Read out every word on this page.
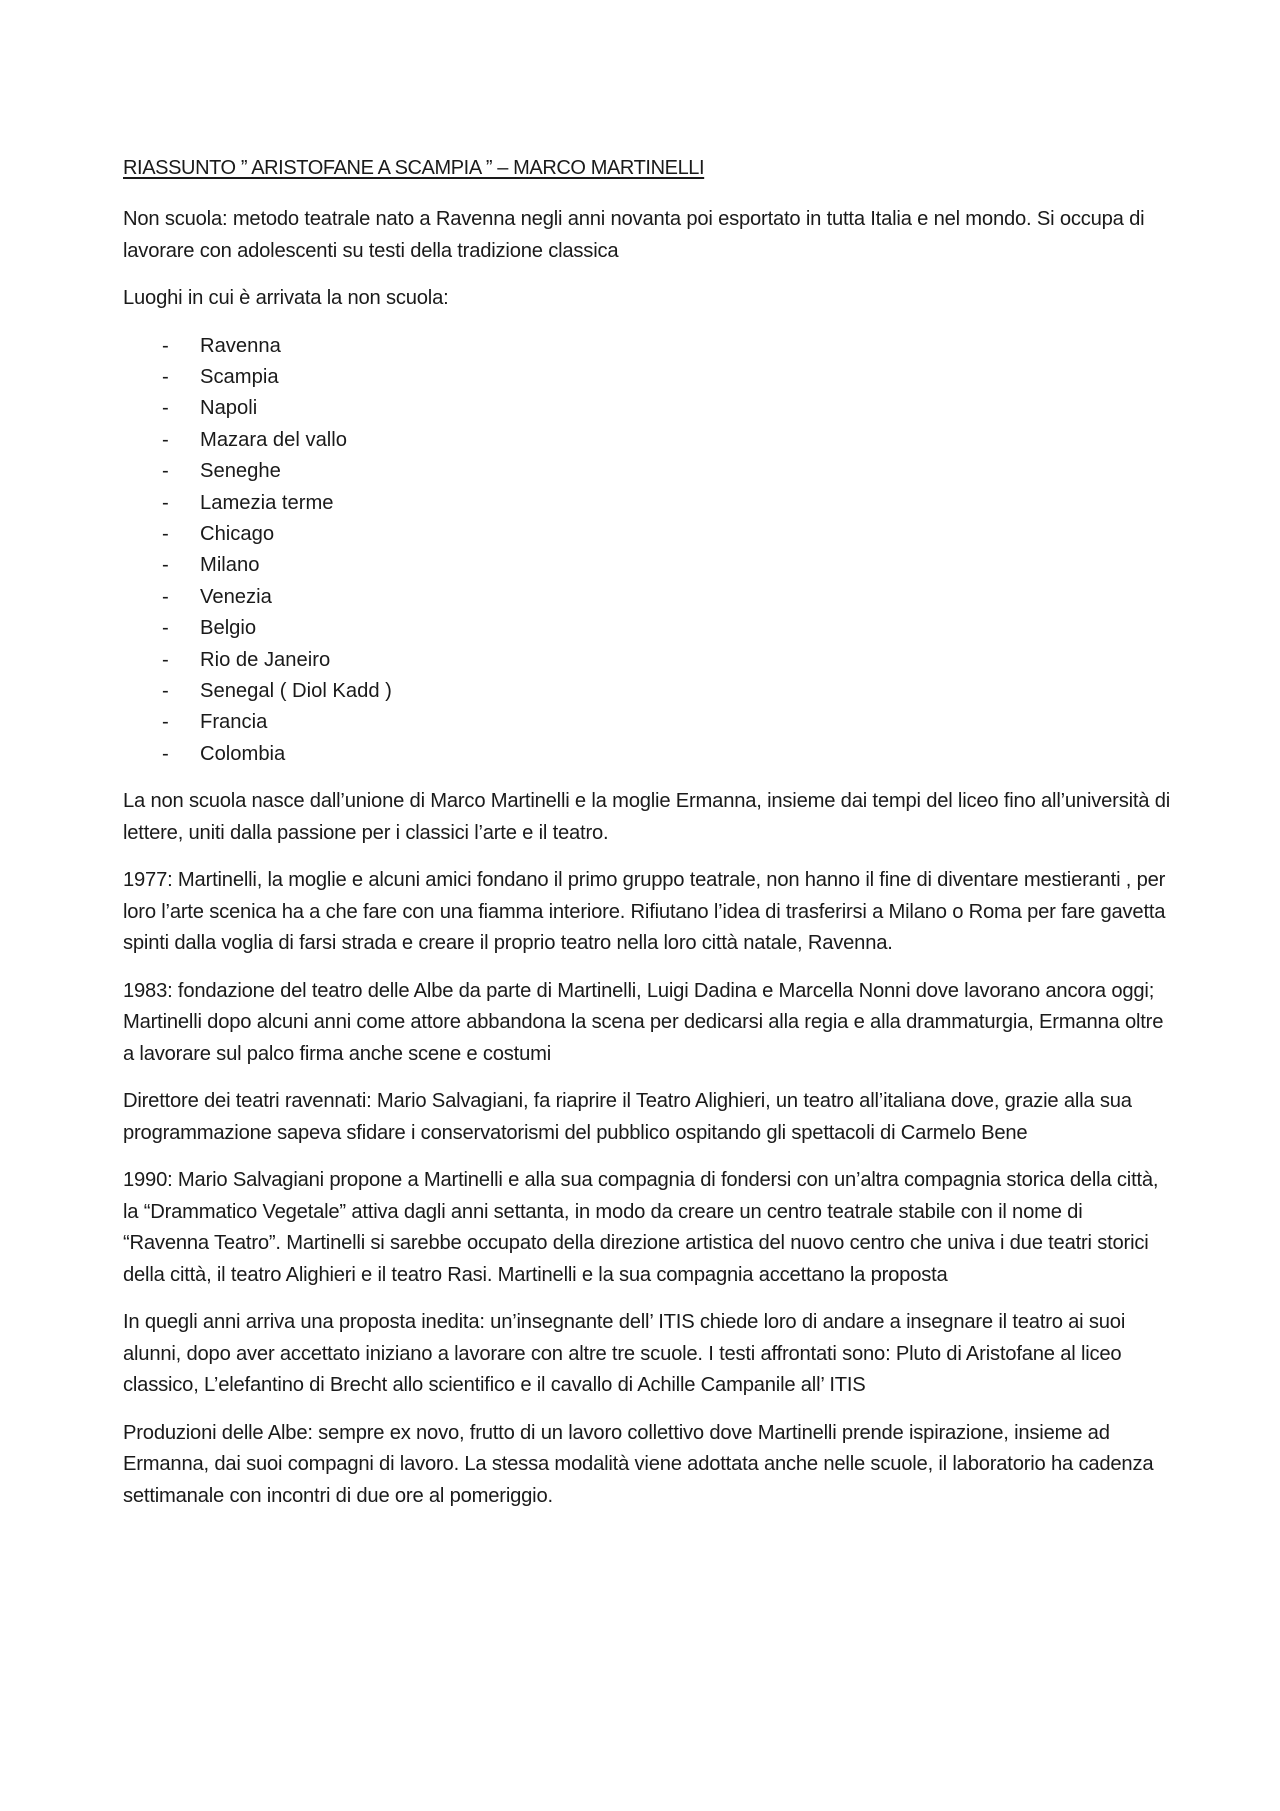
RIASSUNTO ” ARISTOFANE A SCAMPIA ” – MARCO MARTINELLI

Non scuola: metodo teatrale nato a Ravenna negli anni novanta poi esportato in tutta Italia e nel mondo. Si occupa di lavorare con adolescenti su testi della tradizione classica

Luoghi in cui è arrivata la non scuola:

- Ravenna
- Scampia
- Napoli
- Mazara del vallo
- Seneghe
- Lamezia terme
- Chicago
- Milano
- Venezia
- Belgio
- Rio de Janeiro
- Senegal ( Diol Kadd )
- Francia
- Colombia

La non scuola nasce dall’unione di Marco Martinelli e la moglie Ermanna, insieme dai tempi del liceo fino all’università di lettere, uniti dalla passione per i classici l’arte e il teatro.

1977: Martinelli, la moglie e alcuni amici fondano il primo gruppo teatrale, non hanno il fine di diventare mestieranti , per loro l’arte scenica ha a che fare con una fiamma interiore. Rifiutano l’idea di trasferirsi a Milano o Roma per fare gavetta spinti dalla voglia di farsi strada e creare il proprio teatro nella loro città natale, Ravenna.

1983: fondazione del teatro delle Albe da parte di Martinelli, Luigi Dadina e Marcella Nonni dove lavorano ancora oggi; Martinelli dopo alcuni anni come attore abbandona la scena per dedicarsi alla regia e alla drammaturgia, Ermanna oltre a lavorare sul palco firma anche scene e costumi

Direttore dei teatri ravennati: Mario Salvagiani, fa riaprire il Teatro Alighieri, un teatro all’italiana dove, grazie alla sua programmazione sapeva sfidare i conservatorismi del pubblico ospitando gli spettacoli di Carmelo Bene

1990: Mario Salvagiani propone a Martinelli e alla sua compagnia di fondersi con un’altra compagnia storica della città, la “Drammatico Vegetale” attiva dagli anni settanta, in modo da creare un centro teatrale stabile con il nome di “Ravenna Teatro”. Martinelli si sarebbe occupato della direzione artistica del nuovo centro che univa i due teatri storici della città, il teatro Alighieri e il teatro Rasi. Martinelli e la sua compagnia accettano la proposta

In quegli anni arriva una proposta inedita: un’insegnante dell’ ITIS chiede loro di andare a insegnare il teatro ai suoi alunni, dopo aver accettato iniziano a lavorare con altre tre scuole. I testi affrontati sono: Pluto di Aristofane al liceo classico, L’elefantino di Brecht allo scientifico e il cavallo di Achille Campanile all’ ITIS

Produzioni delle Albe: sempre ex novo, frutto di un lavoro collettivo dove Martinelli prende ispirazione, insieme ad Ermanna, dai suoi compagni di lavoro. La stessa modalità viene adottata anche nelle scuole, il laboratorio ha cadenza settimanale con incontri di due ore al pomeriggio.
